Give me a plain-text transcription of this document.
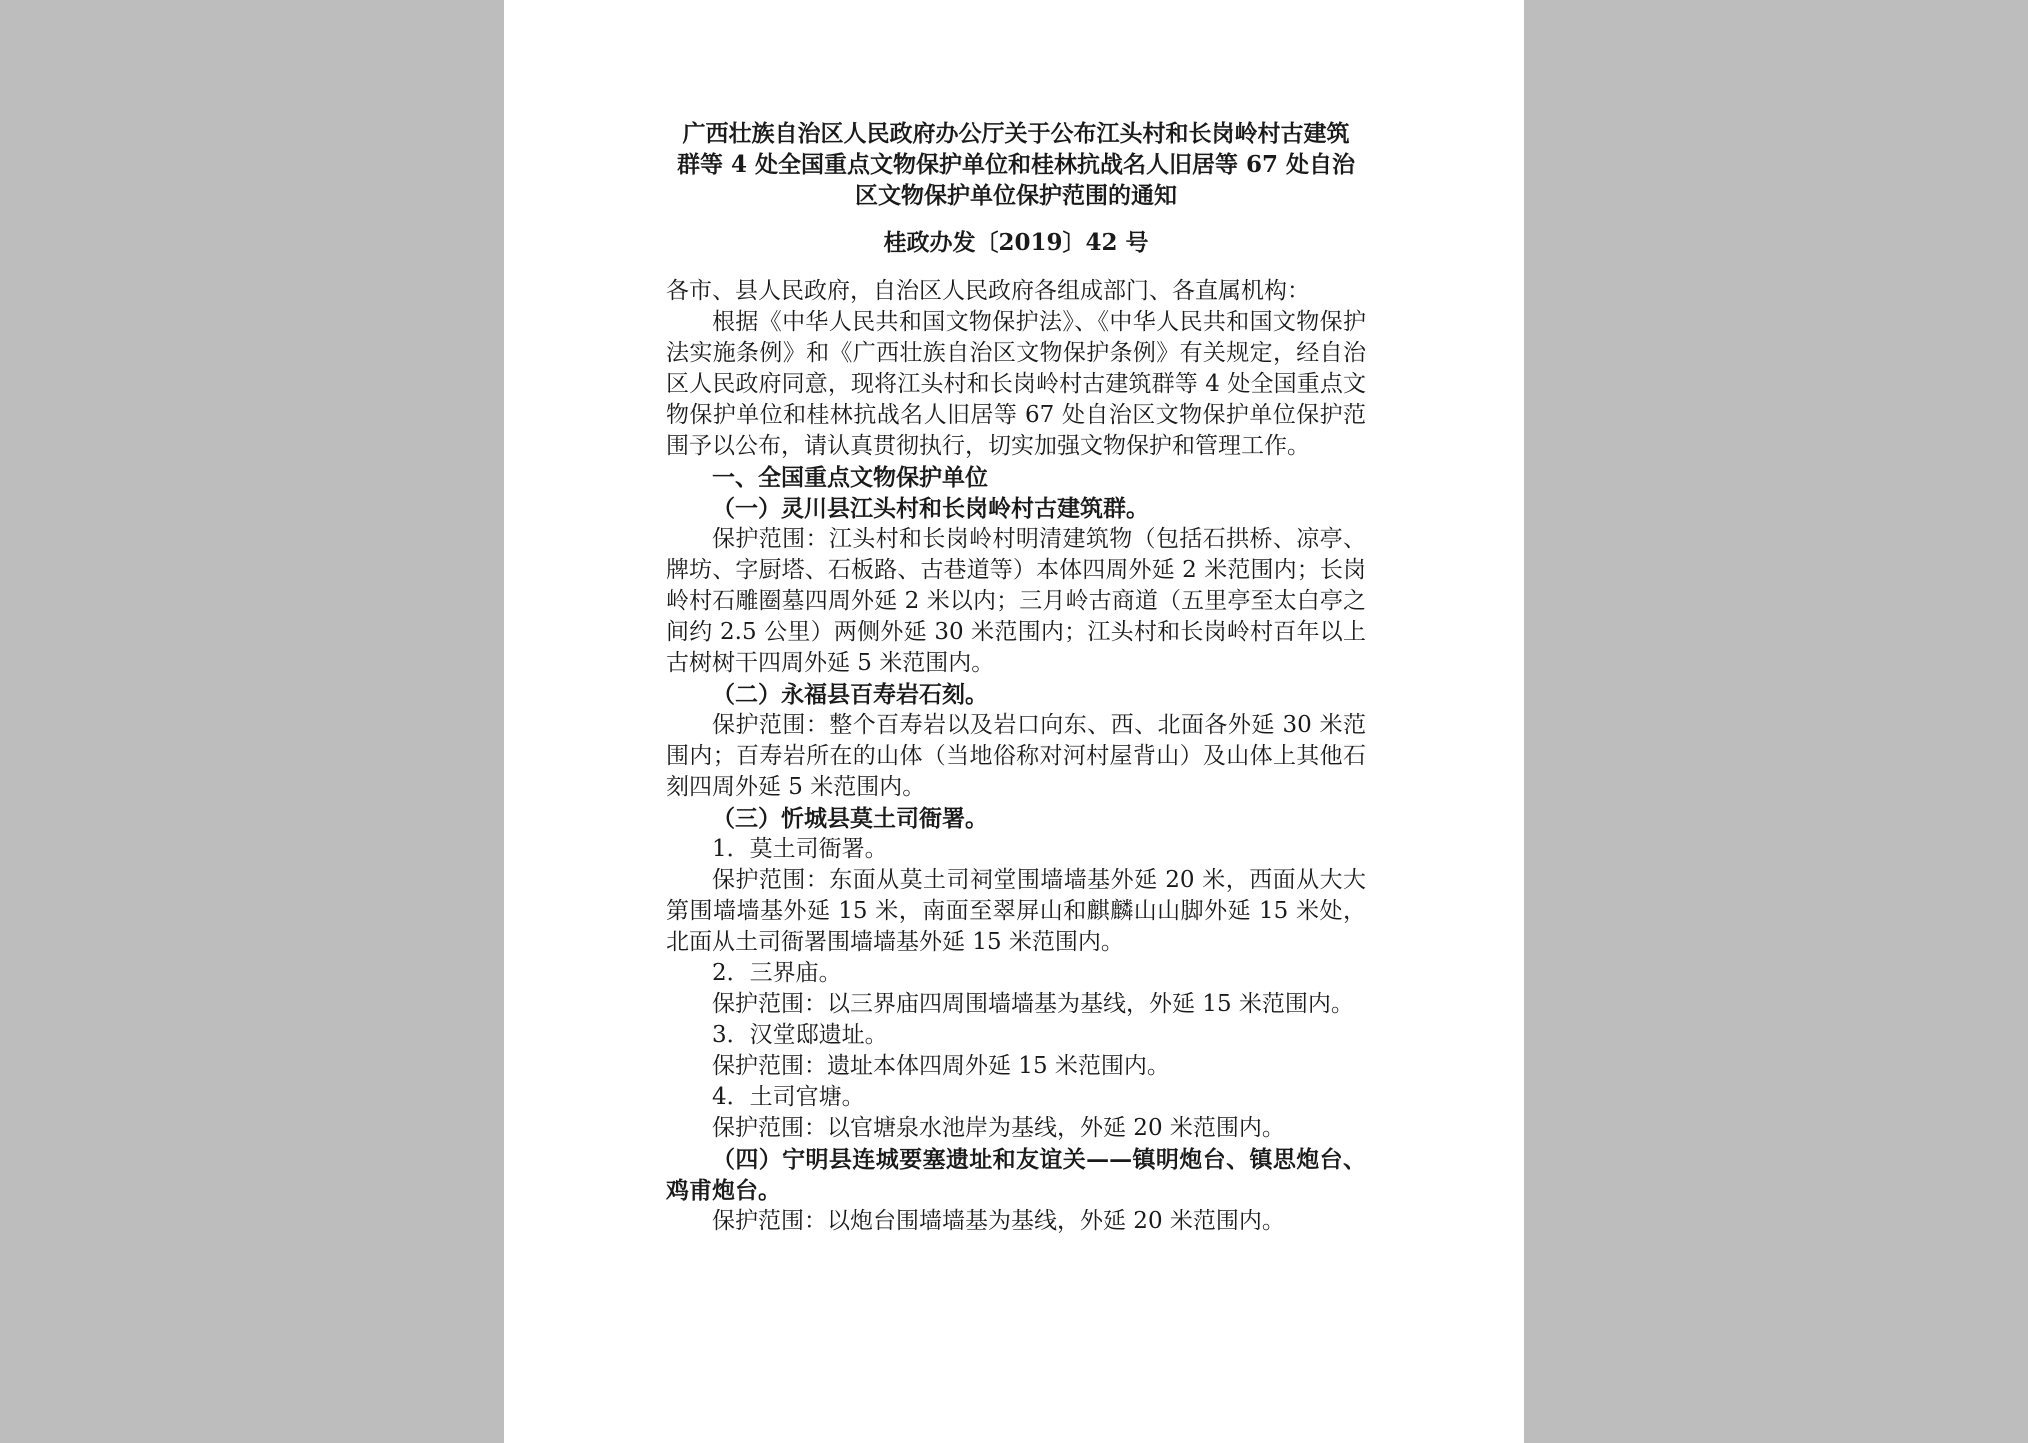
广西壮族自治区人民政府办公厅关于公布江头村和长岗岭村古建筑
群等 4 处全国重点文物保护单位和桂林抗战名人旧居等 67 处自治
区文物保护单位保护范围的通知
桂政办发〔2019〕42 号

各市、县人民政府，自治区人民政府各组成部门、各直属机构：

根据《中华人民共和国文物保护法》、《中华人民共和国文物保护法实施条例》和《广西壮族自治区文物保护条例》有关规定，经自治区人民政府同意，现将江头村和长岗岭村古建筑群等 4 处全国重点文物保护单位和桂林抗战名人旧居等 67 处自治区文物保护单位保护范围予以公布，请认真贯彻执行，切实加强文物保护和管理工作。

一、全国重点文物保护单位

（一）灵川县江头村和长岗岭村古建筑群。

保护范围：江头村和长岗岭村明清建筑物（包括石拱桥、凉亭、牌坊、字厨塔、石板路、古巷道等）本体四周外延 2 米范围内；长岗岭村石雕圈墓四周外延 2 米以内；三月岭古商道（五里亭至太白亭之间约 2.5 公里）两侧外延 30 米范围内；江头村和长岗岭村百年以上古树树干四周外延 5 米范围内。

（二）永福县百寿岩石刻。

保护范围：整个百寿岩以及岩口向东、西、北面各外延 30 米范围内；百寿岩所在的山体（当地俗称对河村屋背山）及山体上其他石刻四周外延 5 米范围内。

（三）忻城县莫土司衙署。

1．莫土司衙署。

保护范围：东面从莫土司祠堂围墙墙基外延 20 米，西面从大大第围墙墙基外延 15 米，南面至翠屏山和麒麟山山脚外延 15 米处，北面从土司衙署围墙墙基外延 15 米范围内。

2．三界庙。

保护范围：以三界庙四周围墙墙基为基线，外延 15 米范围内。

3．汉堂邸遗址。

保护范围：遗址本体四周外延 15 米范围内。

4．土司官塘。

保护范围：以官塘泉水池岸为基线，外延 20 米范围内。

（四）宁明县连城要塞遗址和友谊关——镇明炮台、镇思炮台、鸡甫炮台。

保护范围：以炮台围墙墙基为基线，外延 20 米范围内。
